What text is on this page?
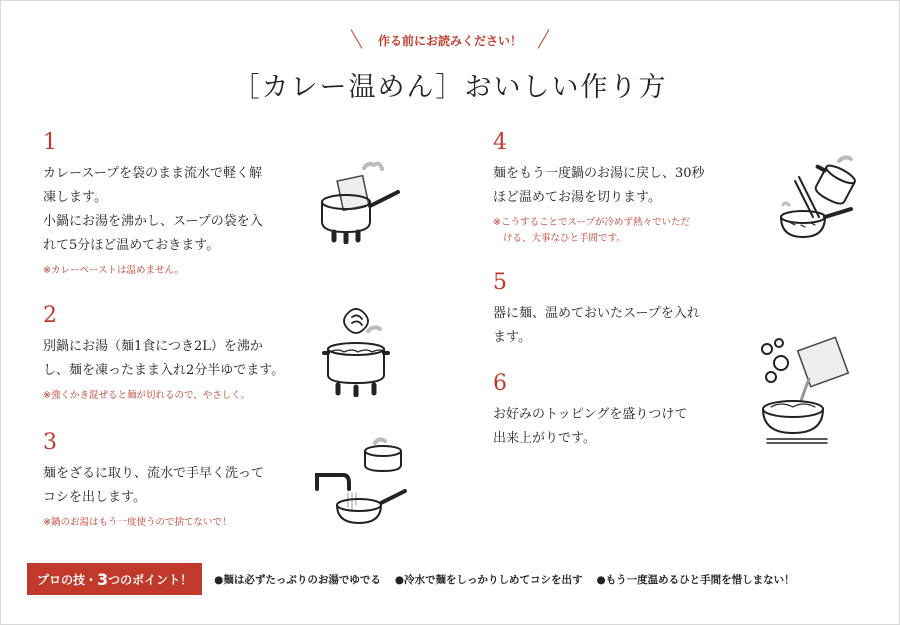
作る前にお読みください！
［カレー温めん］おいしい作り方
1
カレースープを袋のまま流水で軽く解
凍します。
小鍋にお湯を沸かし、スープの袋を入
れて5分ほど温めておきます。
※カレーペーストは温めません。
2
別鍋にお湯（麺1食につき2L）を沸か
し、麺を凍ったまま入れ2分半ゆでます。
※強くかき混ぜると麺が切れるので、やさしく。
3
麺をざるに取り、流水で手早く洗って
コシを出します。
※鍋のお湯はもう一度使うので捨てないで！
4
麺をもう一度鍋のお湯に戻し、30秒
ほど温めてお湯を切ります。
※こうすることでスープが冷めず熱々でいただ
ける、大事なひと手間です。
5
器に麺、温めておいたスープを入れ
ます。
6
お好みのトッピングを盛りつけて
出来上がりです。
プロの技・ 3 つのポイント！ ●麺は必ずたっぷりのお湯でゆでる ●冷水で麺をしっかりしめてコシを出す ●もう一度温めるひと手間を惜しまない！
